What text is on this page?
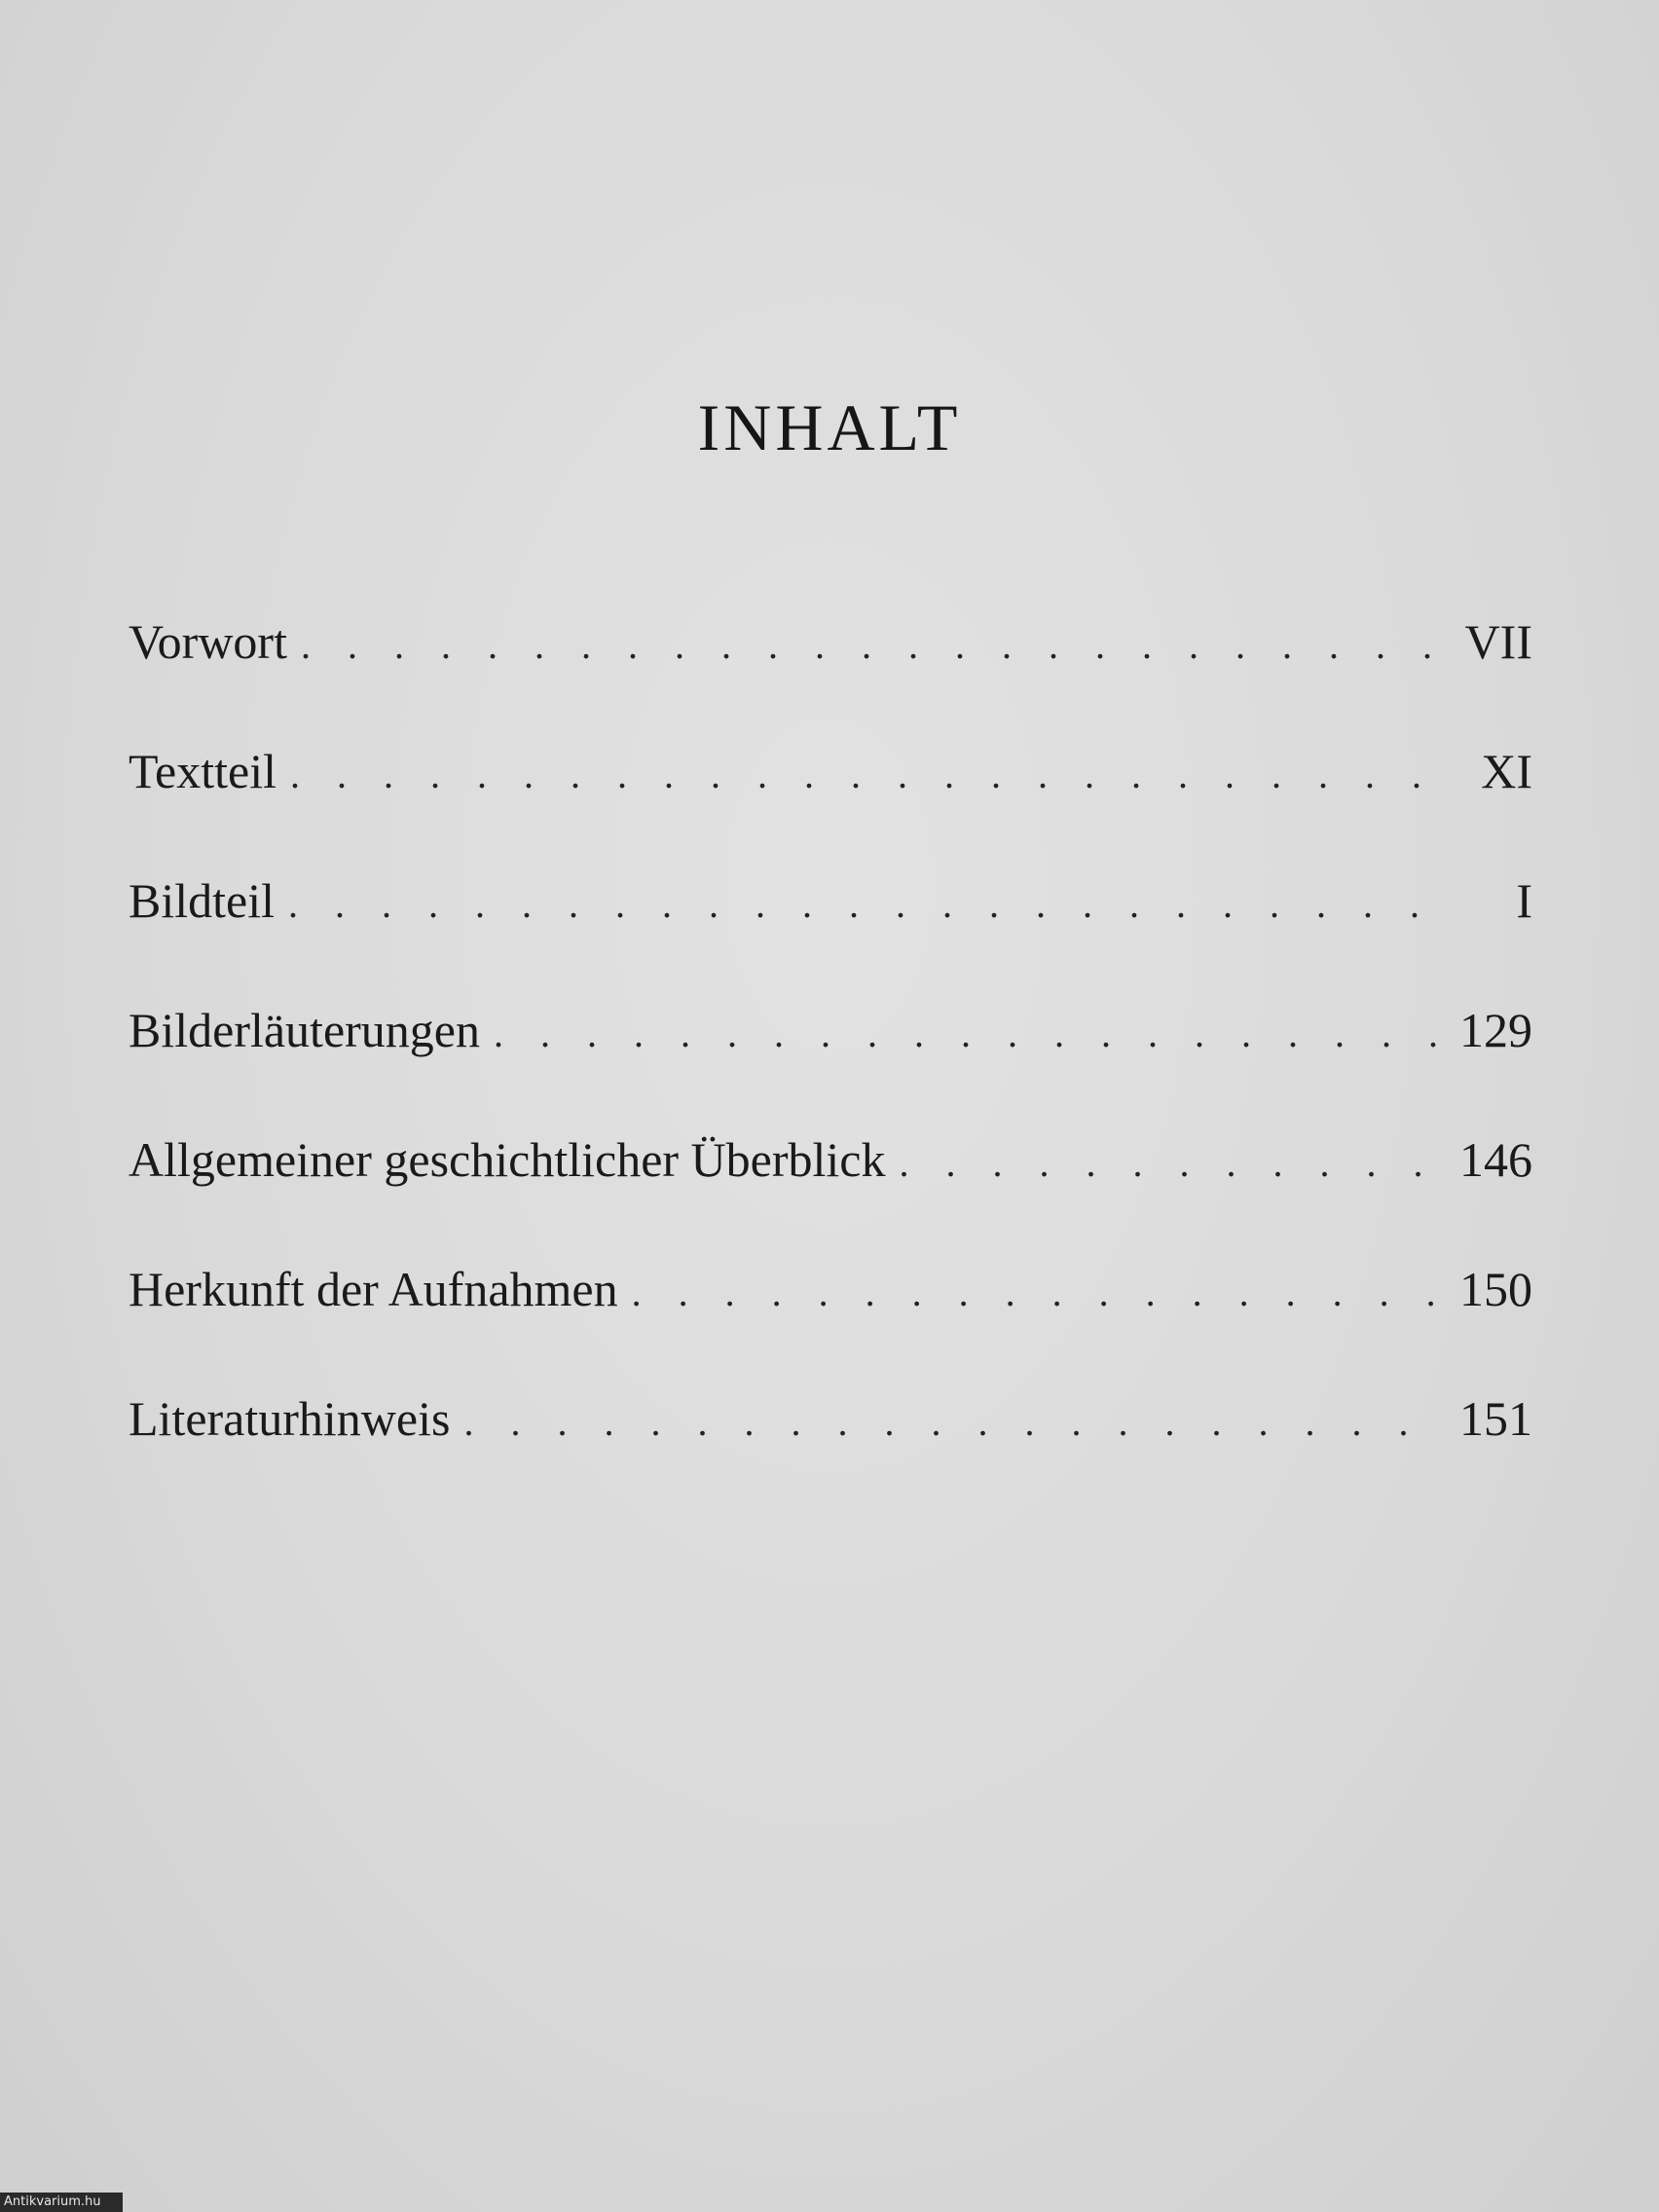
INHALT
Vorwort . . .	VII
Textteil . . .	XI
Bildteil . . .	I
Bilderläuterungen . . .	129
Allgemeiner geschichtlicher Überblick . . .	146
Herkunft der Aufnahmen . . .	150
Literaturhinweis . . .	151
Antikvarium.hu
